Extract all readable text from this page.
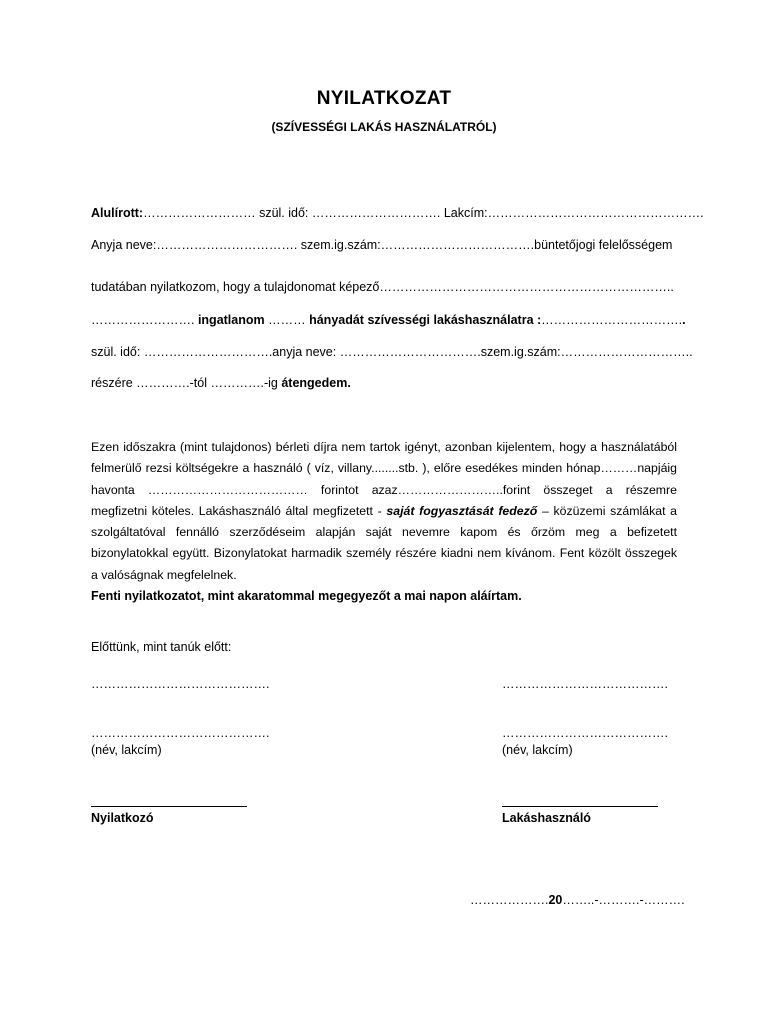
NYILATKOZAT
(SZÍVESSÉGI LAKÁS HASZNÁLATRÓL)
Alulírott:……………………… szül. idő: …………………………. Lakcím:…………………………………………….
Anyja neve:……………………………. szem.ig.szám:……………………………….büntetőjogi felelősségem
tudatában nyilatkozom, hogy a tulajdonomat képező……………………………………………………………..
……………………. ingatlanom ……… hányadát szívességi lakáshasználatra :……………………………..
szül. idő: ………………………….anyja neve: …………………………….szem.ig.szám:…………………………..
részére ………….-tól ………….-ig átengedem.
Ezen időszakra (mint tulajdonos) bérleti díjra nem tartok igényt, azonban kijelentem, hogy a használatából felmerülő rezsi költségekre a használó ( víz, villany........stb. ), előre esedékes minden hónap………napjáig havonta ………………………………… forintot azaz……………………..forint összeget a részemre megfizetni köteles. Lakáshasználó által megfizetett - saját fogyasztását fedező – közüzemi számlákat a szolgáltatóval fennálló szerződéseim alapján saját nevemre kapom és őrzöm meg a befizetett bizonylatokkal együtt. Bizonylatokat harmadik személy részére kiadni nem kívánom. Fent közölt összegek a valóságnak megfelelnek.
Fenti nyilatkozatot, mint akaratommal megegyezőt a mai napon aláírtam.
Előttünk, mint tanúk előtt:
…………………………………….	………………………………….
…………………………………….	………………………………….
(név, lakcím)	(név, lakcím)
Nyilatkozó	Lakáshasználó
……………….20……..-……….-……….
